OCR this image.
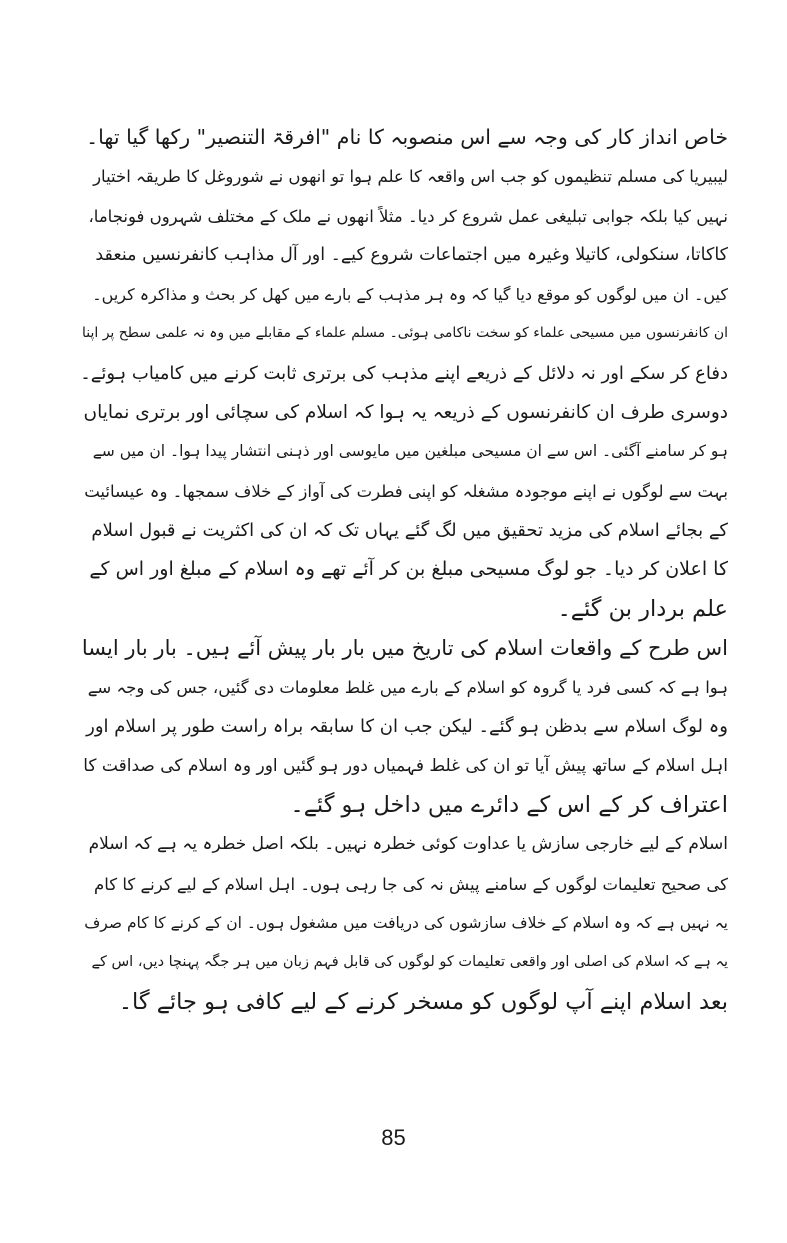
خاص انداز کار کی وجہ سے اس منصوبہ کا نام "افرقۃ التنصیر" رکھا گیا تھا۔
لیبیریا کی مسلم تنظیموں کو جب اس واقعہ کا علم ہوا تو انھوں نے شوروغل کا طریقہ اختیار
نہیں کیا بلکہ جوابی تبلیغی عمل شروع کر دیا۔ مثلاً انھوں نے ملک کے مختلف شہروں فونجاما،
کاکاتا، سنکولی، کاتیلا وغیرہ میں اجتماعات شروع کیے۔ اور آل مذاہب کانفرنسیں منعقد
کیں۔ ان میں لوگوں کو موقع دیا گیا کہ وہ ہر مذہب کے بارے میں کھل کر بحث و مذاکرہ کریں۔
ان کانفرنسوں میں مسیحی علماء کو سخت ناکامی ہوئی۔ مسلم علماء کے مقابلے میں وہ نہ علمی سطح پر اپنا
دفاع کر سکے اور نہ دلائل کے ذریعے اپنے مذہب کی برتری ثابت کرنے میں کامیاب ہوئے۔
دوسری طرف ان کانفرنسوں کے ذریعہ یہ ہوا کہ اسلام کی سچائی اور برتری نمایاں
ہو کر سامنے آگئی۔ اس سے ان مسیحی مبلغین میں مایوسی اور ذہنی انتشار پیدا ہوا۔ ان میں سے
بہت سے لوگوں نے اپنے موجودہ مشغلہ کو اپنی فطرت کی آواز کے خلاف سمجھا۔ وہ عیسائیت
کے بجائے اسلام کی مزید تحقیق میں لگ گئے یہاں تک کہ ان کی اکثریت نے قبول اسلام
کا اعلان کر دیا۔ جو لوگ مسیحی مبلغ بن کر آئے تھے وہ اسلام کے مبلغ اور اس کے
علم بردار بن گئے۔
اس طرح کے واقعات اسلام کی تاریخ میں بار بار پیش آئے ہیں۔ بار بار ایسا
ہوا ہے کہ کسی فرد یا گروہ کو اسلام کے بارے میں غلط معلومات دی گئیں، جس کی وجہ سے
وہ لوگ اسلام سے بدظن ہو گئے۔ لیکن جب ان کا سابقہ براہ راست طور پر اسلام اور
اہل اسلام کے ساتھ پیش آیا تو ان کی غلط فہمیاں دور ہو گئیں اور وہ اسلام کی صداقت کا
اعتراف کر کے اس کے دائرے میں داخل ہو گئے۔
اسلام کے لیے خارجی سازش یا عداوت کوئی خطرہ نہیں۔ بلکہ اصل خطرہ یہ ہے کہ اسلام
کی صحیح تعلیمات لوگوں کے سامنے پیش نہ کی جا رہی ہوں۔ اہل اسلام کے لیے کرنے کا کام
یہ نہیں ہے کہ وہ اسلام کے خلاف سازشوں کی دریافت میں مشغول ہوں۔ ان کے کرنے کا کام صرف
یہ ہے کہ اسلام کی اصلی اور واقعی تعلیمات کو لوگوں کی قابل فہم زبان میں ہر جگہ پہنچا دیں، اس کے
بعد اسلام اپنے آپ لوگوں کو مسخر کرنے کے لیے کافی ہو جائے گا۔
85
